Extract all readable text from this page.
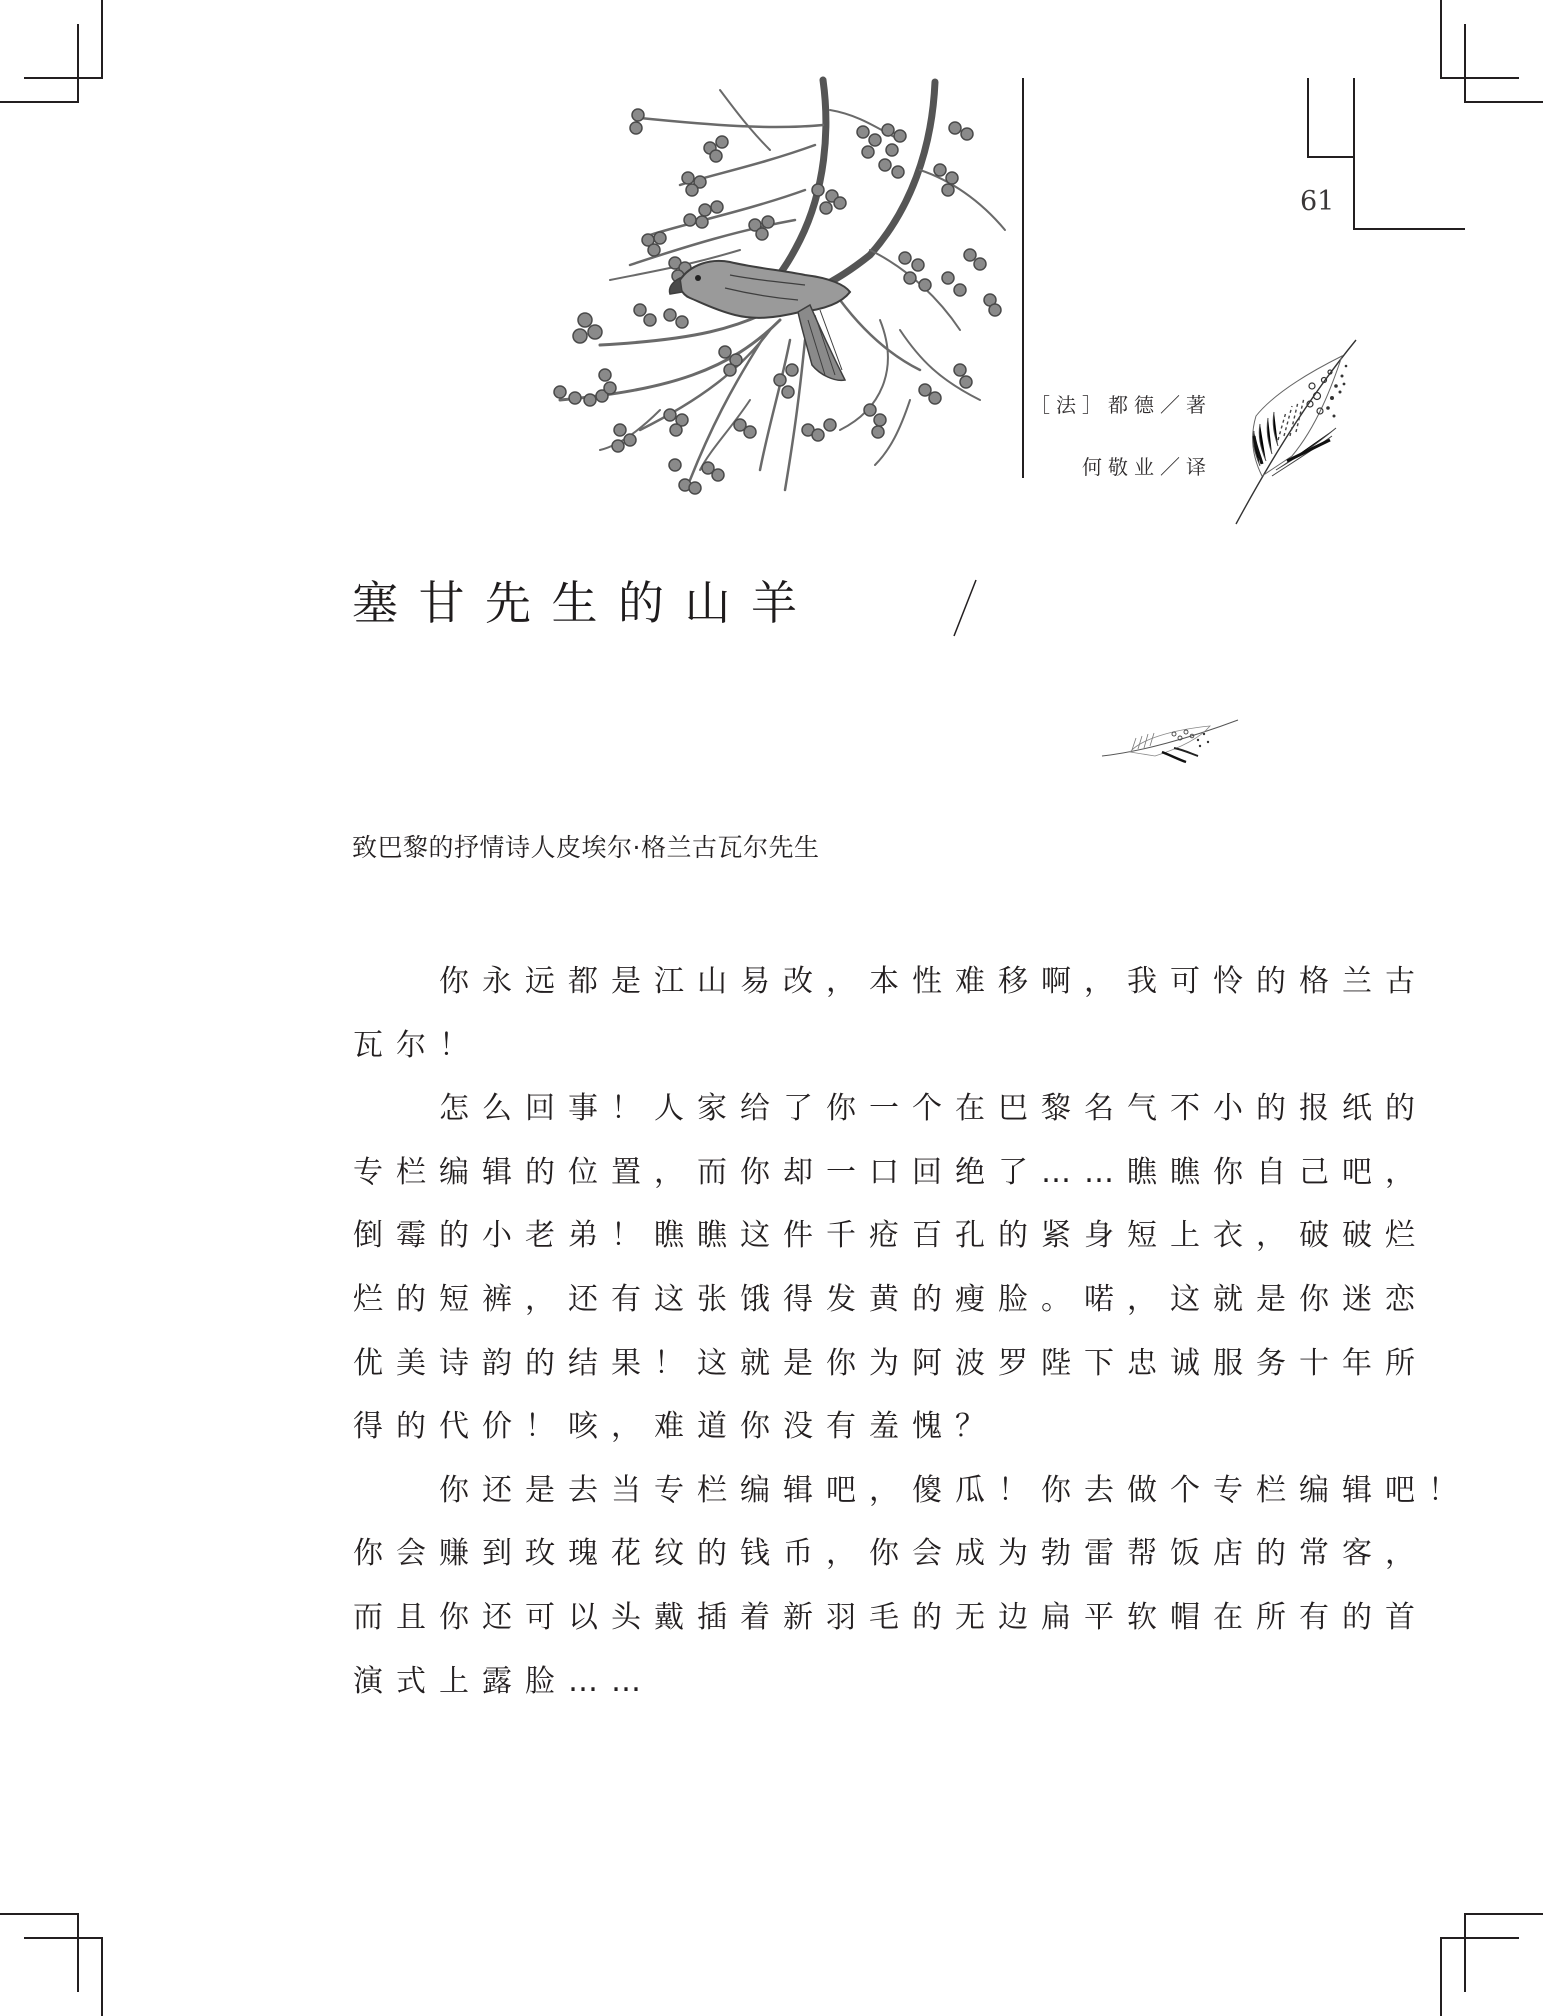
61
［法］都德／著
何敬业／译
塞甘先生的山羊
致巴黎的抒情诗人皮埃尔·格兰古瓦尔先生
你永远都是江山易改，本性难移啊，我可怜的格兰古
瓦尔！
怎么回事！人家给了你一个在巴黎名气不小的报纸的
专栏编辑的位置，而你却一口回绝了……瞧瞧你自己吧，
倒霉的小老弟！瞧瞧这件千疮百孔的紧身短上衣，破破烂
烂的短裤，还有这张饿得发黄的瘦脸。喏，这就是你迷恋
优美诗韵的结果！这就是你为阿波罗陛下忠诚服务十年所
得的代价！咳，难道你没有羞愧？
你还是去当专栏编辑吧，傻瓜！你去做个专栏编辑吧！
你会赚到玫瑰花纹的钱币，你会成为勃雷帮饭店的常客，
而且你还可以头戴插着新羽毛的无边扁平软帽在所有的首
演式上露脸……
